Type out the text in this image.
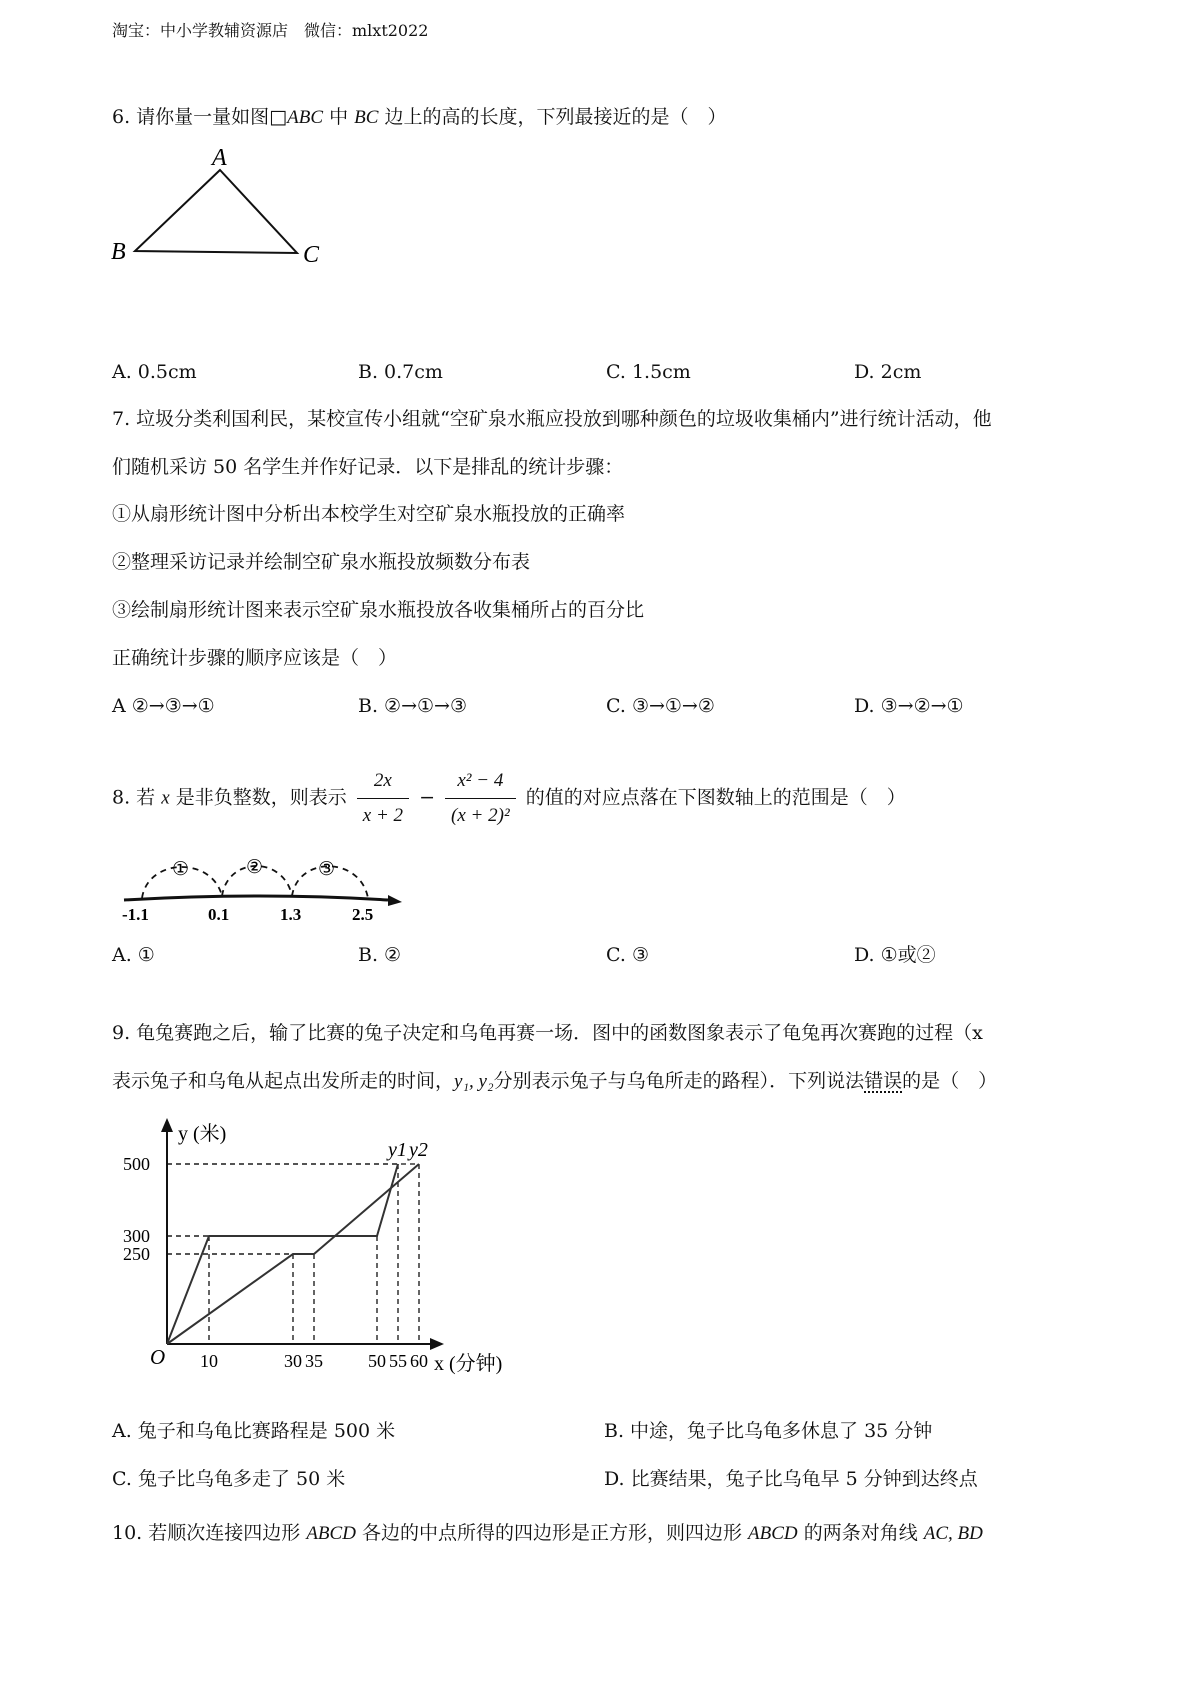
淘宝：中小学教辅资源店　微信：mlxt2022
6. 请你量一量如图□ABC 中 BC 边上的高的长度，下列最接近的是（　）
A
B	C
A. 0.5cm	B. 0.7cm	C. 1.5cm	D. 2cm
7. 垃圾分类利国利民，某校宣传小组就“空矿泉水瓶应投放到哪种颜色的垃圾收集桶内”进行统计活动，他
们随机采访 50 名学生并作好记录．以下是排乱的统计步骤：
①从扇形统计图中分析出本校学生对空矿泉水瓶投放的正确率
②整理采访记录并绘制空矿泉水瓶投放频数分布表
③绘制扇形统计图来表示空矿泉水瓶投放各收集桶所占的百分比
正确统计步骤的顺序应该是（　）
A ②→③→①	B. ②→①→③	C. ③→①→②	D. ③→②→①
8. 若 x 是非负整数，则表示 $\frac{2x}{x + 2} - \frac{\text{x² − 4}}{\text{(x + 2)²}}$ 的值的对应点落在下图数轴上的范围是（　）
①	②	③
-1.1	0.1	1.3	2.5
A. ①	B. ②	C. ③	D. ①或②
9. 龟兔赛跑之后，输了比赛的兔子决定和乌龟再赛一场．图中的函数图象表示了龟兔再次赛跑的过程（x
表示兔子和乌龟从起点出发所走的时间，y₁, y₂分别表示兔子与乌龟所走的路程）．下列说法错误的是（　）
y1 y2
10	30 35	50 55 60
500
300
250
y (米)
x (分钟)
O
A. 兔子和乌龟比赛路程是 500 米	B. 中途，兔子比乌龟多休息了 35 分钟
C. 兔子比乌龟多走了 50 米	D. 比赛结果，兔子比乌龟早 5 分钟到达终点
10. 若顺次连接四边形 ABCD 各边的中点所得的四边形是正方形，则四边形 ABCD 的两条对角线 AC, BD
